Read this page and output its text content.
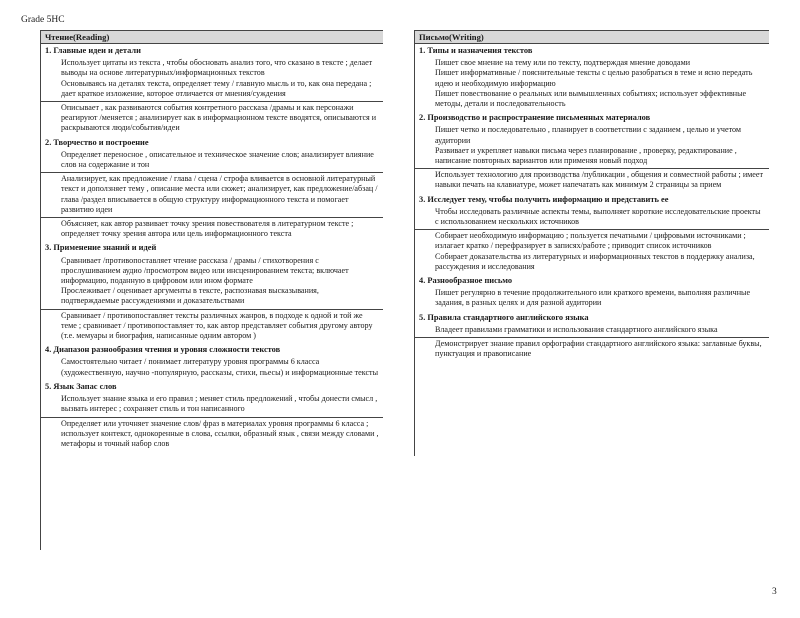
Grade 5HC
Чтение(Reading)
1. Главные идеи и детали

Использует цитаты из текста , чтобы обосновать анализ того, что сказано в тексте ; делает выводы на основе литературных/информационных текстов

Основываясь на деталях текста, определяет тему / главную мысль и то, как она передана ; дает краткое изложение, которое отличается от мнения/суждения

Описывает , как развиваются события контретного рассказа /драмы и как персонажи реагируют /меняется ; анализирует как в информационном тексте вводятся, описываются и раскрываются люди/события/идеи

2. Творчество и построение

Определяет переносное , описательное и техническое значение слов; анализирует влияние слов на содержание и тон

Анализирует, как предложение / глава / сцена / строфа вливается в основной литературный текст и доползняет тему , описание места или сюжет; анализирует, как предложение/абзац / глава /раздел вписывается в общую структуру информационного текста и помогает развитию идеи

Объясняет, как автор развивает точку зрения повествователя в литературном тексте ; определяет точку зрения автора или цель информационного текста

3. Применение знаний и идей

Сравнивает /противопоставляет чтение рассказа / драмы / стихотворения с прослушиванием аудио /просмотром видео или инсценированием текста; включает информацию, поданную в цифровом или ином формате

Прослеживает / оценивает аргументы в тексте, распознавая высказывания, подтверждаемые рассуждениями и доказательствами

Сравнивает / противопоставляет тексты различных жанров, в подходе к одной и той же теме ; сравнивает / противопоставляет то, как автор представляет события другому автору (т.е. мемуары и биография, написанные одним автором )

4. Диапазон разнообразия чтения и уровня сложности текстов

Самостоятельно читает / понимает литературу уровня программы 6 класса (художественную, научно -популярную, рассказы, стихи, пьесы) и информационные тексты

5. Язык Запас слов

Использует знание языка и его правил ; меняет стиль предложений , чтобы донести смысл , вызвать интерес ; сохраняет стиль и тон написанного

Определяет или уточняет значение слов/ фраз в материалах уровня программы 6 класса ; использует контекст, однокоренные в слова, ссылки, образный язык , связи между словами , метафоры и точный набор слов

Письмо(Writing)
1. Типы и назначения текстов

Пишет свое мнение на тему или по тексту, подтверждая мнение доводами

Пишет информативные / пояснительные тексты с целью разобраться в теме и ясно передать идею и необходимую информацию

Пишет повествование о реальных или вымышленных событиях; использует эффективные методы, детали и последовательность

2. Производство и распространение письменных материалов

Пишет четко и последовательно , планирует в соответствии с заданием , целью и учетом аудитории

Развивает и укрепляет навыки письма через планирование , проверку, редактирование , написание повторных вариантов или применяя новый подход

Использует технологию для производства /публикации , общения и совместной работы ; имеет навыки печать на клавиатуре, может напечатать как минимум 2 страницы за прием

3. Исследует тему, чтобы получить информацию и представить ее

Чтобы исследовать различные аспекты темы, выполняет короткие исследовательские проекты с использованием нескольких источников

Собирает необходимую информацию ; пользуется печатными / цифровыми источниками ; излагает кратко / перефразирует в записях/работе ; приводит список источников

Собирает доказательства из литературных и информационных текстов в поддержку анализа, рассуждения и исследования

4. Разнообразное письмо

Пишет регулярно в течение продолжительного или краткого времени, выполняя различные задания, в разных целях и для разной аудитории

5. Правила стандартного английского языка

Владеет правилами грамматики и использования стандартного английского языка

Демонстрирует знание правил орфографии стандартного английского языка: заглавные буквы, пунктуация и правописание

3
